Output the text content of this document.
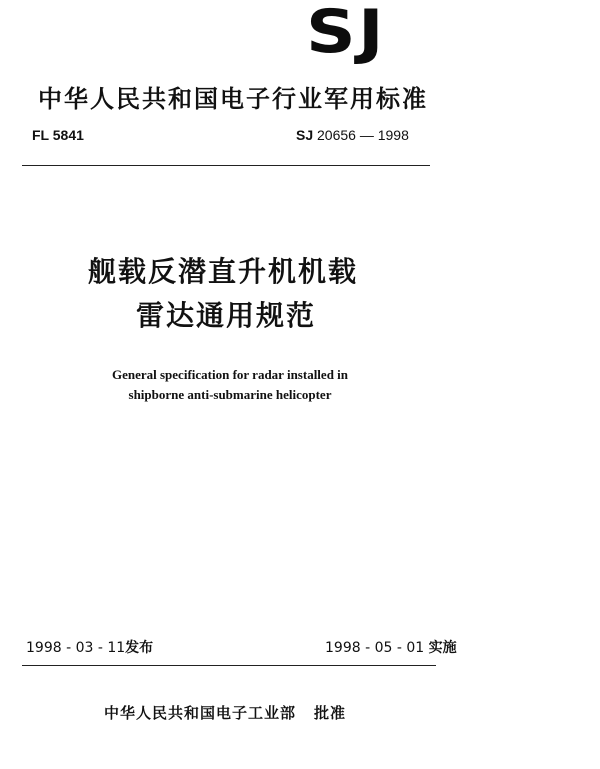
SJ
中华人民共和国电子行业军用标准
FL 5841	SJ 20656 — 1998
舰载反潜直升机机载
雷达通用规范
General specification for radar installed in
shipborne anti-submarine helicopter
1998 - 03 - 11发布	1998 - 05 - 01 实施
中华人民共和国电子工业部 批准
